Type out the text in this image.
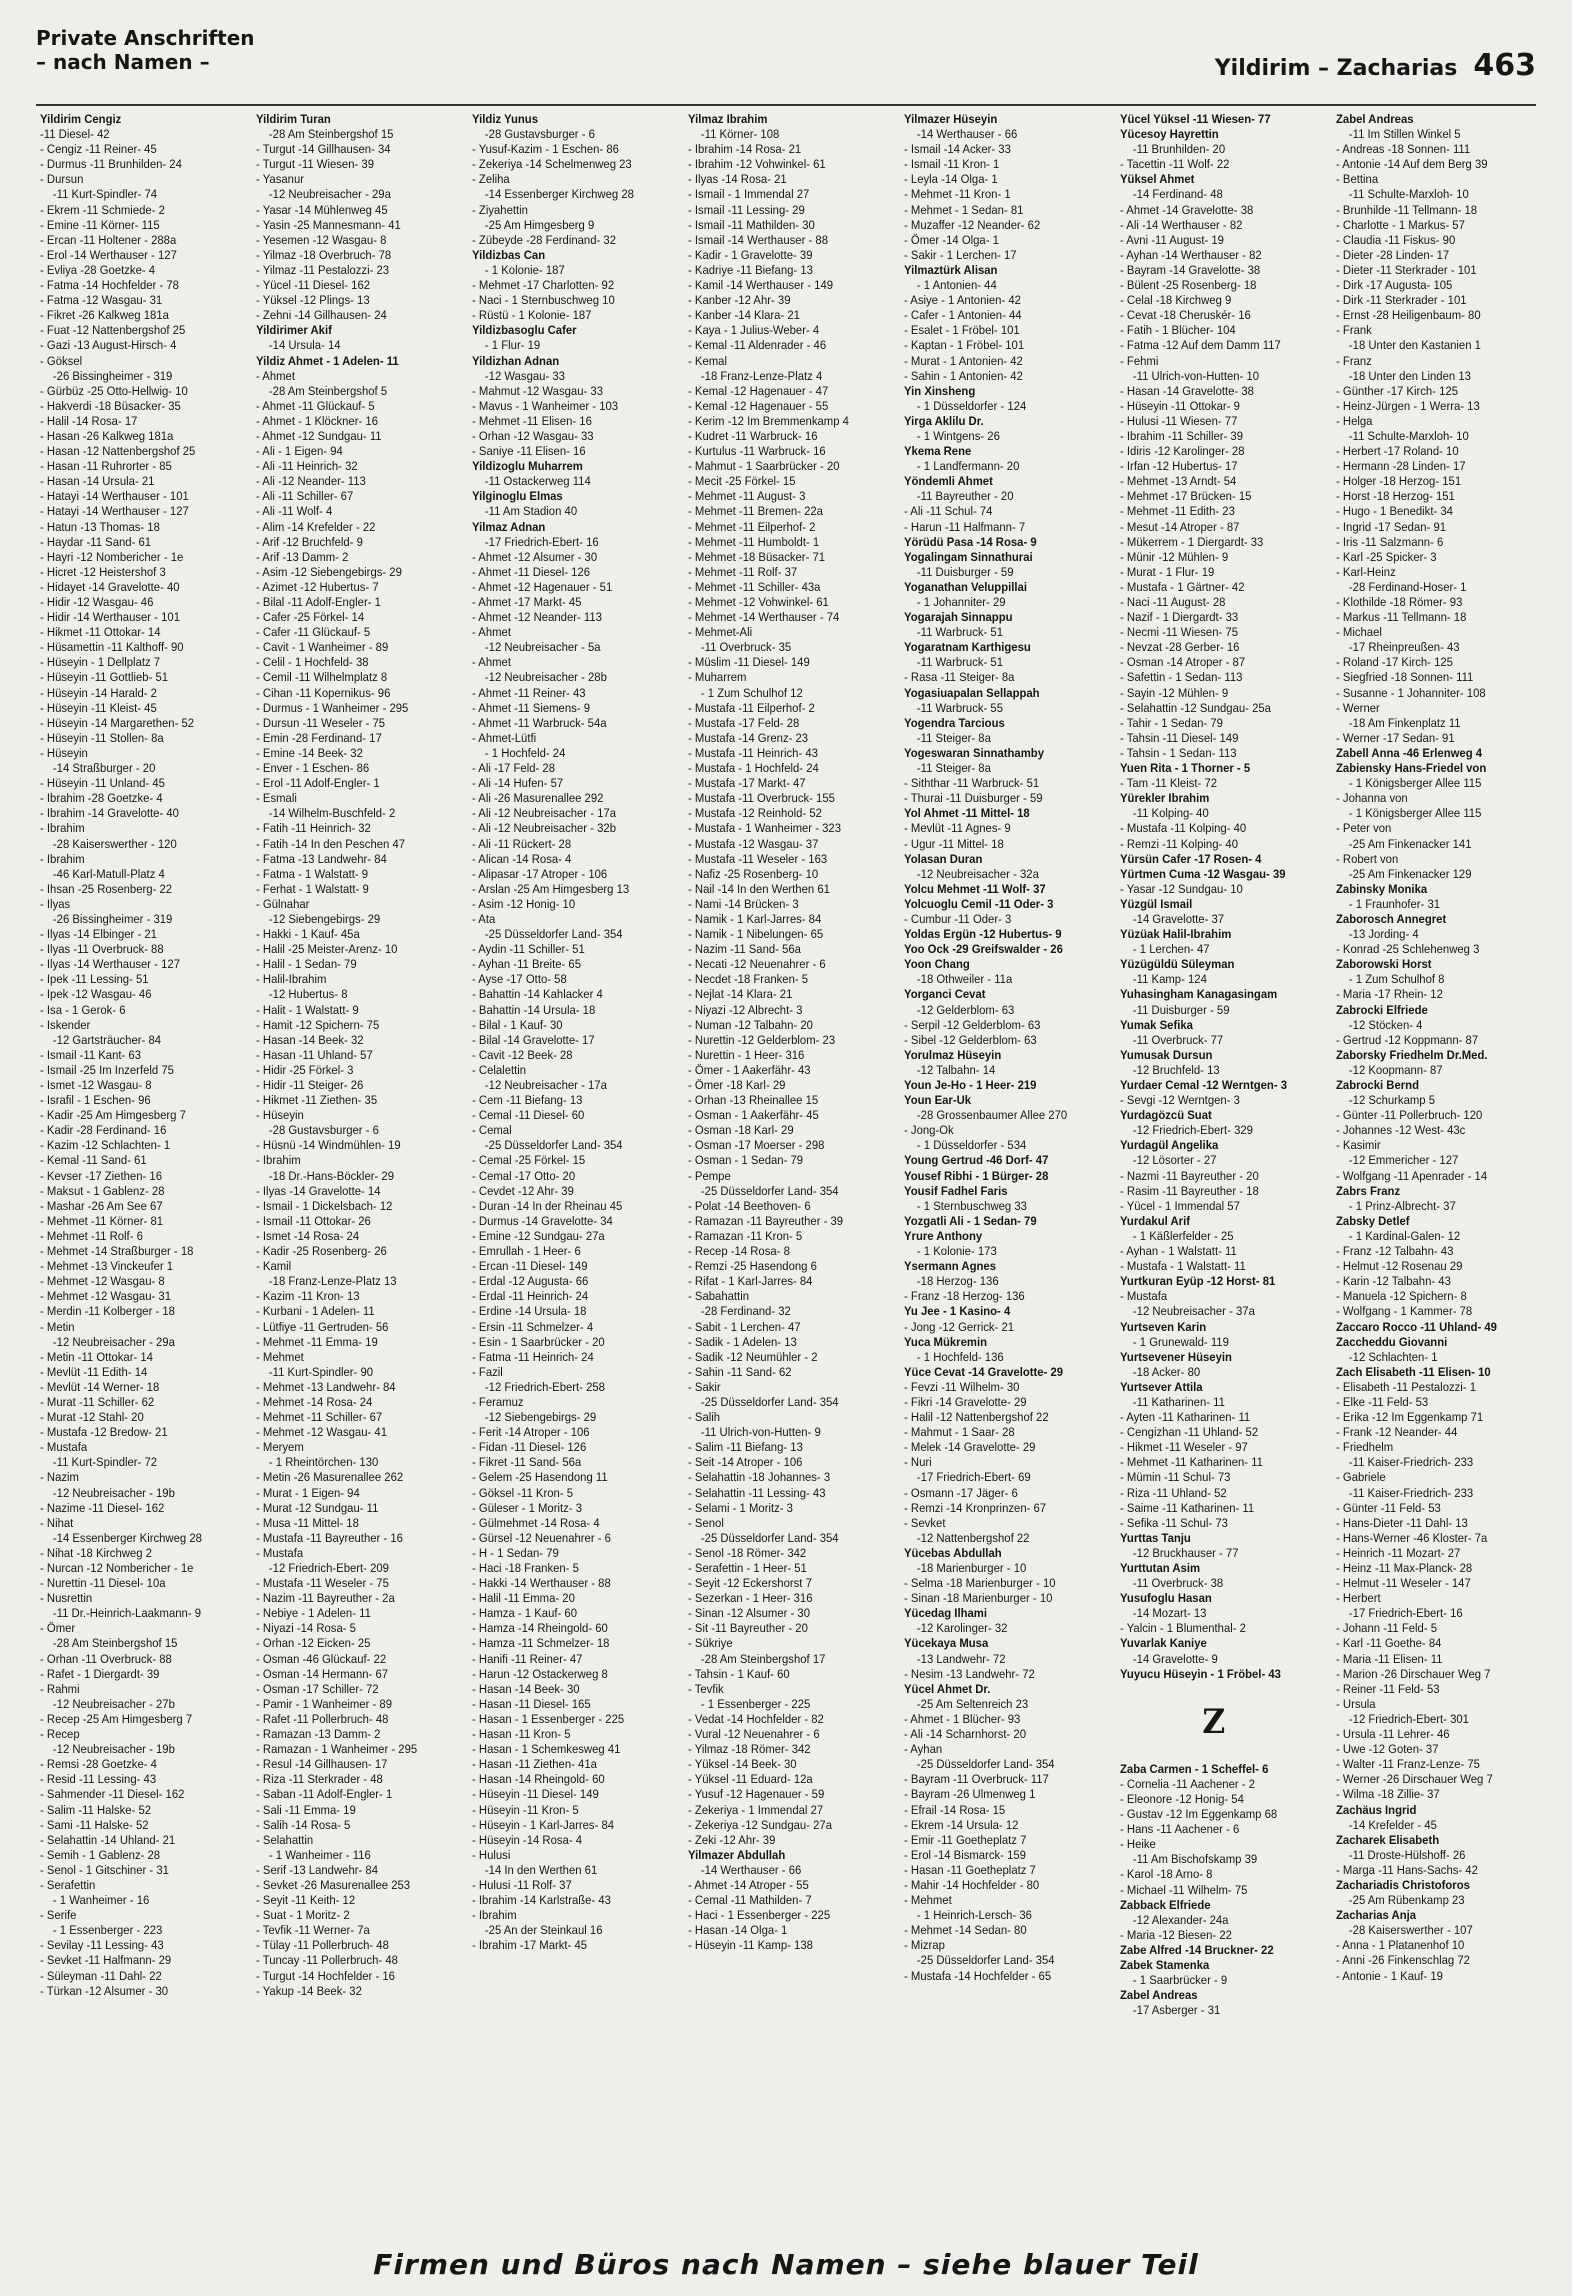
Private Anschriften
– nach Namen –	Yildirim – Zacharias 463
Yildirim Cengiz
-11 Diesel- 42
- Cengiz -11 Reiner- 45
- Durmus -11 Brunhilden- 24
- Dursun
-11 Kurt-Spindler- 74
- Ekrem -11 Schmiede- 2
- Emine -11 Körner- 115
- Ercan -11 Holtener - 288a
- Erol -14 Werthauser - 127
- Evliya -28 Goetzke- 4
- Fatma -14 Hochfelder - 78
- Fatma -12 Wasgau- 31
- Fikret -26 Kalkweg 181a
- Fuat -12 Nattenbergshof 25
- Gazi -13 August-Hirsch- 4
- Göksel
-26 Bissingheimer - 319
- Gürbüz -25 Otto-Hellwig- 10
- Hakverdi -18 Büsacker- 35
- Halil -14 Rosa- 17
- Hasan -26 Kalkweg 181a
- Hasan -12 Nattenbergshof 25
- Hasan -11 Ruhrorter - 85
- Hasan -14 Ursula- 21
- Hatayi -14 Werthauser - 101
- Hatayi -14 Werthauser - 127
- Hatun -13 Thomas- 18
- Haydar -11 Sand- 61
- Hayri -12 Nombericher - 1e
- Hicret -12 Heistershof 3
- Hidayet -14 Gravelotte- 40
- Hidir -12 Wasgau- 46
- Hidir -14 Werthauser - 101
- Hikmet -11 Ottokar- 14
- Hüsamettin -11 Kalthoff- 90
- Hüseyin - 1 Dellplatz 7
- Hüseyin -11 Gottlieb- 51
- Hüseyin -14 Harald- 2
- Hüseyin -11 Kleist- 45
- Hüseyin -14 Margarethen- 52
- Hüseyin -11 Stollen- 8a
- Hüseyin
-14 Straßburger - 20
- Hüseyin -11 Unland- 45
- Ibrahim -28 Goetzke- 4
- Ibrahim -14 Gravelotte- 40
- Ibrahim
-28 Kaiserswerther - 120
- Ibrahim
-46 Karl-Matull-Platz 4
- Ihsan -25 Rosenberg- 22
- Ilyas
-26 Bissingheimer - 319
- Ilyas -14 Elbinger - 21
- Ilyas -11 Overbruck- 88
- Ilyas -14 Werthauser - 127
- Ipek -11 Lessing- 51
- Ipek -12 Wasgau- 46
- Isa - 1 Gerok- 6
- Iskender
-12 Gartsträucher- 84
- Ismail -11 Kant- 63
- Ismail -25 Im Inzerfeld 75
- Ismet -12 Wasgau- 8
- Israfil - 1 Eschen- 96
- Kadir -25 Am Himgesberg 7
- Kadir -28 Ferdinand- 16
- Kazim -12 Schlachten- 1
- Kemal -11 Sand- 61
- Kevser -17 Ziethen- 16
- Maksut - 1 Gablenz- 28
- Mashar -26 Am See 67
- Mehmet -11 Körner- 81
- Mehmet -11 Rolf- 6
- Mehmet -14 Straßburger - 18
- Mehmet -13 Vinckeufer 1
- Mehmet -12 Wasgau- 8
- Mehmet -12 Wasgau- 31
- Merdin -11 Kolberger - 18
- Metin
-12 Neubreisacher - 29a
- Metin -11 Ottokar- 14
- Mevlüt -11 Edith- 14
- Mevlüt -14 Werner- 18
- Murat -11 Schiller- 62
- Murat -12 Stahl- 20
- Mustafa -12 Bredow- 21
- Mustafa
-11 Kurt-Spindler- 72
- Nazim
-12 Neubreisacher - 19b
- Nazime -11 Diesel- 162
- Nihat
-14 Essenberger Kirchweg 28
- Nihat -18 Kirchweg 2
- Nurcan -12 Nombericher - 1e
- Nurettin -11 Diesel- 10a
- Nusrettin
-11 Dr.-Heinrich-Laakmann- 9
- Ömer
-28 Am Steinbergshof 15
- Orhan -11 Overbruck- 88
- Rafet - 1 Diergardt- 39
- Rahmi
-12 Neubreisacher - 27b
- Recep -25 Am Himgesberg 7
- Recep
-12 Neubreisacher - 19b
- Remsi -28 Goetzke- 4
- Resid -11 Lessing- 43
- Sahmender -11 Diesel- 162
- Salim -11 Halske- 52
- Sami -11 Halske- 52
- Selahattin -14 Uhland- 21
- Semih - 1 Gablenz- 28
- Senol - 1 Gitschiner - 31
- Serafettin
- 1 Wanheimer - 16
- Serife
- 1 Essenberger - 223
- Sevilay -11 Lessing- 43
- Sevket -11 Halfmann- 29
- Süleyman -11 Dahl- 22
- Türkan -12 Alsumer - 30
Yildirim Turan
-28 Am Steinbergshof 15
- Turgut -14 Gillhausen- 34
- Turgut -11 Wiesen- 39
- Yasanur
-12 Neubreisacher - 29a
- Yasar -14 Mühlenweg 45
- Yasin -25 Mannesmann- 41
- Yesemen -12 Wasgau- 8
- Yilmaz -18 Overbruch- 78
- Yilmaz -11 Pestalozzi- 23
- Yücel -11 Diesel- 162
- Yüksel -12 Plings- 13
- Zehni -14 Gillhausen- 24
Yildirimer Akif
-14 Ursula- 14
Yildiz Ahmet - 1 Adelen- 11
- Ahmet
-28 Am Steinbergshof 5
- Ahmet -11 Glückauf- 5
- Ahmet - 1 Klöckner- 16
- Ahmet -12 Sundgau- 11
- Ali - 1 Eigen- 94
- Ali -11 Heinrich- 32
- Ali -12 Neander- 113
- Ali -11 Schiller- 67
- Ali -11 Wolf- 4
- Alim -14 Krefelder - 22
- Arif -12 Bruchfeld- 9
- Arif -13 Damm- 2
- Asim -12 Siebengebirgs- 29
- Azimet -12 Hubertus- 7
- Bilal -11 Adolf-Engler- 1
- Cafer -25 Förkel- 14
- Cafer -11 Glückauf- 5
- Cavit - 1 Wanheimer - 89
- Celil - 1 Hochfeld- 38
- Cemil -11 Wilhelmplatz 8
- Cihan -11 Kopernikus- 96
- Durmus - 1 Wanheimer - 295
- Dursun -11 Weseler - 75
- Emin -28 Ferdinand- 17
- Emine -14 Beek- 32
- Enver - 1 Eschen- 86
- Erol -11 Adolf-Engler- 1
- Esmali
-14 Wilhelm-Buschfeld- 2
- Fatih -11 Heinrich- 32
- Fatih -14 In den Peschen 47
- Fatma -13 Landwehr- 84
- Fatma - 1 Walstatt- 9
- Ferhat - 1 Walstatt- 9
- Gülnahar
-12 Siebengebirgs- 29
- Hakki - 1 Kauf- 45a
- Halil -25 Meister-Arenz- 10
- Halil - 1 Sedan- 79
- Halil-Ibrahim
-12 Hubertus- 8
- Halit - 1 Walstatt- 9
- Hamit -12 Spichern- 75
- Hasan -14 Beek- 32
- Hasan -11 Uhland- 57
- Hidir -25 Förkel- 3
- Hidir -11 Steiger- 26
- Hikmet -11 Ziethen- 35
- Hüseyin
-28 Gustavsburger - 6
- Hüsnü -14 Windmühlen- 19
- Ibrahim
-18 Dr.-Hans-Böckler- 29
- Ilyas -14 Gravelotte- 14
- Ismail - 1 Dickelsbach- 12
- Ismail -11 Ottokar- 26
- Ismet -14 Rosa- 24
- Kadir -25 Rosenberg- 26
- Kamil
-18 Franz-Lenze-Platz 13
- Kazim -11 Kron- 13
- Kurbani - 1 Adelen- 11
- Lütfiye -11 Gertruden- 56
- Mehmet -11 Emma- 19
- Mehmet
-11 Kurt-Spindler- 90
- Mehmet -13 Landwehr- 84
- Mehmet -14 Rosa- 24
- Mehmet -11 Schiller- 67
- Mehmet -12 Wasgau- 41
- Meryem
- 1 Rheintörchen- 130
- Metin -26 Masurenallee 262
- Murat - 1 Eigen- 94
- Murat -12 Sundgau- 11
- Musa -11 Mittel- 18
- Mustafa -11 Bayreuther - 16
- Mustafa
-12 Friedrich-Ebert- 209
- Mustafa -11 Weseler - 75
- Nazim -11 Bayreuther - 2a
- Nebiye - 1 Adelen- 11
- Niyazi -14 Rosa- 5
- Orhan -12 Eicken- 25
- Osman -46 Glückauf- 22
- Osman -14 Hermann- 67
- Osman -17 Schiller- 72
- Pamir - 1 Wanheimer - 89
- Rafet -11 Pollerbruch- 48
- Ramazan -13 Damm- 2
- Ramazan - 1 Wanheimer - 295
- Resul -14 Gillhausen- 17
- Riza -11 Sterkrader - 48
- Saban -11 Adolf-Engler- 1
- Sali -11 Emma- 19
- Salih -14 Rosa- 5
- Selahattin
- 1 Wanheimer - 116
- Serif -13 Landwehr- 84
- Sevket -26 Masurenallee 253
- Seyit -11 Keith- 12
- Suat - 1 Moritz- 2
- Tevfik -11 Werner- 7a
- Tülay -11 Pollerbruch- 48
- Tuncay -11 Pollerbruch- 48
- Turgut -14 Hochfelder - 16
- Yakup -14 Beek- 32
Yildiz Yunus
-28 Gustavsburger - 6
- Yusuf-Kazim - 1 Eschen- 86
- Zekeriya -14 Schelmenweg 23
- Zeliha
-14 Essenberger Kirchweg 28
- Ziyahettin
-25 Am Himgesberg 9
- Zübeyde -28 Ferdinand- 32
Yildizbas Can
- 1 Kolonie- 187
- Mehmet -17 Charlotten- 92
- Naci - 1 Sternbuschweg 10
- Rüstü - 1 Kolonie- 187
Yildizbasoglu Cafer
- 1 Flur- 19
Yildizhan Adnan
-12 Wasgau- 33
- Mahmut -12 Wasgau- 33
- Mavus - 1 Wanheimer - 103
- Mehmet -11 Elisen- 16
- Orhan -12 Wasgau- 33
- Saniye -11 Elisen- 16
Yildizoglu Muharrem
-11 Ostackerweg 114
Yilginoglu Elmas
-11 Am Stadion 40
Yilmaz Adnan
-17 Friedrich-Ebert- 16
- Ahmet -12 Alsumer - 30
- Ahmet -11 Diesel- 126
- Ahmet -12 Hagenauer - 51
- Ahmet -17 Markt- 45
- Ahmet -12 Neander- 113
- Ahmet
-12 Neubreisacher - 5a
- Ahmet
-12 Neubreisacher - 28b
- Ahmet -11 Reiner- 43
- Ahmet -11 Siemens- 9
- Ahmet -11 Warbruck- 54a
- Ahmet-Lütfi
- 1 Hochfeld- 24
- Ali -17 Feld- 28
- Ali -14 Hufen- 57
- Ali -26 Masurenallee 292
- Ali -12 Neubreisacher - 17a
- Ali -12 Neubreisacher - 32b
- Ali -11 Rückert- 28
- Alican -14 Rosa- 4
- Alipasar -17 Atroper - 106
- Arslan -25 Am Himgesberg 13
- Asim -12 Honig- 10
- Ata
-25 Düsseldorfer Land- 354
- Aydin -11 Schiller- 51
- Ayhan -11 Breite- 65
- Ayse -17 Otto- 58
- Bahattin -14 Kahlacker 4
- Bahattin -14 Ursula- 18
- Bilal - 1 Kauf- 30
- Bilal -14 Gravelotte- 17
- Cavit -12 Beek- 28
- Celalettin
-12 Neubreisacher - 17a
- Cem -11 Biefang- 13
- Cemal -11 Diesel- 60
- Cemal
-25 Düsseldorfer Land- 354
- Cemal -25 Förkel- 15
- Cemal -17 Otto- 20
- Cevdet -12 Ahr- 39
- Duran -14 In der Rheinau 45
- Durmus -14 Gravelotte- 34
- Emine -12 Sundgau- 27a
- Emrullah - 1 Heer- 6
- Ercan -11 Diesel- 149
- Erdal -12 Augusta- 66
- Erdal -11 Heinrich- 24
- Erdine -14 Ursula- 18
- Ersin -11 Schmelzer- 4
- Esin - 1 Saarbrücker - 20
- Fatma -11 Heinrich- 24
- Fazil
-12 Friedrich-Ebert- 258
- Feramuz
-12 Siebengebirgs- 29
- Ferit -14 Atroper - 106
- Fidan -11 Diesel- 126
- Fikret -11 Sand- 56a
- Gelem -25 Hasendong 11
- Göksel -11 Kron- 5
- Güleser - 1 Moritz- 3
- Gülmehmet -14 Rosa- 4
- Gürsel -12 Neuenahrer - 6
- H - 1 Sedan- 79
- Haci -18 Franken- 5
- Hakki -14 Werthauser - 88
- Halil -11 Emma- 20
- Hamza - 1 Kauf- 60
- Hamza -14 Rheingold- 60
- Hamza -11 Schmelzer- 18
- Hanifi -11 Reiner- 47
- Harun -12 Ostackerweg 8
- Hasan -14 Beek- 30
- Hasan -11 Diesel- 165
- Hasan - 1 Essenberger - 225
- Hasan -11 Kron- 5
- Hasan - 1 Schemkesweg 41
- Hasan -11 Ziethen- 41a
- Hasan -14 Rheingold- 60
- Hüseyin -11 Diesel- 149
- Hüseyin -11 Kron- 5
- Hüseyin - 1 Karl-Jarres- 84
- Hüseyin -14 Rosa- 4
- Hulusi
-14 In den Werthen 61
- Hulusi -11 Rolf- 37
- Ibrahim -14 Karlstraße- 43
- Ibrahim
-25 An der Steinkaul 16
- Ibrahim -17 Markt- 45
Yilmaz Ibrahim
-11 Körner- 108
- Ibrahim -14 Rosa- 21
- Ibrahim -12 Vohwinkel- 61
- Ilyas -14 Rosa- 21
- Ismail - 1 Immendal 27
- Ismail -11 Lessing- 29
- Ismail -11 Mathilden- 30
- Ismail -14 Werthauser - 88
- Kadir - 1 Gravelotte- 39
- Kadriye -11 Biefang- 13
- Kamil -14 Werthauser - 149
- Kanber -12 Ahr- 39
- Kanber -14 Klara- 21
- Kaya - 1 Julius-Weber- 4
- Kemal -11 Aldenrader - 46
- Kemal
-18 Franz-Lenze-Platz 4
- Kemal -12 Hagenauer - 47
- Kemal -12 Hagenauer - 55
- Kerim -12 Im Bremmenkamp 4
- Kudret -11 Warbruck- 16
- Kurtulus -11 Warbruck- 16
- Mahmut - 1 Saarbrücker - 20
- Mecit -25 Förkel- 15
- Mehmet -11 August- 3
- Mehmet -11 Bremen- 22a
- Mehmet -11 Eilperhof- 2
- Mehmet -11 Humboldt- 1
- Mehmet -18 Büsacker- 71
- Mehmet -11 Rolf- 37
- Mehmet -11 Schiller- 43a
- Mehmet -12 Vohwinkel- 61
- Mehmet -14 Werthauser - 74
- Mehmet-Ali
-11 Overbruck- 35
- Müslim -11 Diesel- 149
- Muharrem
- 1 Zum Schulhof 12
- Mustafa -11 Eilperhof- 2
- Mustafa -17 Feld- 28
- Mustafa -14 Grenz- 23
- Mustafa -11 Heinrich- 43
- Mustafa - 1 Hochfeld- 24
- Mustafa -17 Markt- 47
- Mustafa -11 Overbruck- 155
- Mustafa -12 Reinhold- 52
- Mustafa - 1 Wanheimer - 323
- Mustafa -12 Wasgau- 37
- Mustafa -11 Weseler - 163
- Nafiz -25 Rosenberg- 10
- Nail -14 In den Werthen 61
- Nami -14 Brücken- 3
- Namik - 1 Karl-Jarres- 84
- Namik - 1 Nibelungen- 65
- Nazim -11 Sand- 56a
- Necati -12 Neuenahrer - 6
- Necdet -18 Franken- 5
- Nejlat -14 Klara- 21
- Niyazi -12 Albrecht- 3
- Numan -12 Talbahn- 20
- Nurettin -12 Gelderblom- 23
- Nurettin - 1 Heer- 316
- Ömer - 1 Aakerfähr- 43
- Ömer -18 Karl- 29
- Orhan -13 Rheinallee 15
- Osman - 1 Aakerfähr- 45
- Osman -18 Karl- 29
- Osman -17 Moerser - 298
- Osman - 1 Sedan- 79
- Pempe
-25 Düsseldorfer Land- 354
- Polat -14 Beethoven- 6
- Ramazan -11 Bayreuther - 39
- Ramazan -11 Kron- 5
- Recep -14 Rosa- 8
- Remzi -25 Hasendong 6
- Rifat - 1 Karl-Jarres- 84
- Sabahattin
-28 Ferdinand- 32
- Sabit - 1 Lerchen- 47
- Sadik - 1 Adelen- 13
- Sadik -12 Neumühler - 2
- Sahin -11 Sand- 62
- Sakir
-25 Düsseldorfer Land- 354
- Salih
-11 Ulrich-von-Hutten- 9
- Salim -11 Biefang- 13
- Seit -14 Atroper - 106
- Selahattin -18 Johannes- 3
- Selahattin -11 Lessing- 43
- Selami - 1 Moritz- 3
- Senol
-25 Düsseldorfer Land- 354
- Senol -18 Römer- 342
- Serafettin - 1 Heer- 51
- Seyit -12 Eckershorst 7
- Sezerkan - 1 Heer- 316
- Sinan -12 Alsumer - 30
- Sit -11 Bayreuther - 20
- Sükriye
-28 Am Steinbergshof 17
- Tahsin - 1 Kauf- 60
- Tevfik
- 1 Essenberger - 225
- Vedat -14 Hochfelder - 82
- Vural -12 Neuenahrer - 6
- Yilmaz -18 Römer- 342
- Yüksel -14 Beek- 30
- Yüksel -11 Eduard- 12a
- Yusuf -12 Hagenauer - 59
- Zekeriya - 1 Immendal 27
- Zekeriya -12 Sundgau- 27a
- Zeki -12 Ahr- 39
Yilmazer Abdullah
-14 Werthauser - 66
- Ahmet -14 Atroper - 55
- Cemal -11 Mathilden- 7
- Haci - 1 Essenberger - 225
- Hasan -14 Olga- 1
- Hüseyin -11 Kamp- 138
Yilmazer Hüseyin
-14 Werthauser - 66
- Ismail -14 Acker- 33
- Ismail -11 Kron- 1
- Leyla -14 Olga- 1
- Mehmet -11 Kron- 1
- Mehmet - 1 Sedan- 81
- Muzaffer -12 Neander- 62
- Ömer -14 Olga- 1
- Sakir - 1 Lerchen- 17
Yilmaztürk Alisan
- 1 Antonien- 44
- Asiye - 1 Antonien- 42
- Cafer - 1 Antonien- 44
- Esalet - 1 Fröbel- 101
- Kaptan - 1 Fröbel- 101
- Murat - 1 Antonien- 42
- Sahin - 1 Antonien- 42
Yin Xinsheng
- 1 Düsseldorfer - 124
Yirga Aklilu Dr.
- 1 Wintgens- 26
Ykema Rene
- 1 Landfermann- 20
Yöndemli Ahmet
-11 Bayreuther - 20
- Ali -11 Schul- 74
- Harun -11 Halfmann- 7
Yörüdü Pasa -14 Rosa- 9
Yogalingam Sinnathurai
-11 Duisburger - 59
Yoganathan Veluppillai
- 1 Johanniter- 29
Yogarajah Sinnappu
-11 Warbruck- 51
Yogaratnam Karthigesu
-11 Warbruck- 51
- Rasa -11 Steiger- 8a
Yogasiuapalan Sellappah
-11 Warbruck- 55
Yogendra Tarcious
-11 Steiger- 8a
Yogeswaran Sinnathamby
-11 Steiger- 8a
- Siththar -11 Warbruck- 51
- Thurai -11 Duisburger - 59
Yol Ahmet -11 Mittel- 18
- Mevlüt -11 Agnes- 9
- Ugur -11 Mittel- 18
Yolasan Duran
-12 Neubreisacher - 32a
Yolcu Mehmet -11 Wolf- 37
Yolcuoglu Cemil -11 Oder- 3
- Cumbur -11 Oder- 3
Yoldas Ergün -12 Hubertus- 9
Yoo Ock -29 Greifswalder - 26
Yoon Chang
-18 Othweiler - 11a
Yorganci Cevat
-12 Gelderblom- 63
- Serpil -12 Gelderblom- 63
- Sibel -12 Gelderblom- 63
Yorulmaz Hüseyin
-12 Talbahn- 14
Youn Je-Ho - 1 Heer- 219
Youn Ear-Uk
-28 Grossenbaumer Allee 270
- Jong-Ok
- 1 Düsseldorfer - 534
Young Gertrud -46 Dorf- 47
Yousef Ribhi - 1 Bürger- 28
Yousif Fadhel Faris
- 1 Sternbuschweg 33
Yozgatli Ali - 1 Sedan- 79
Yrure Anthony
- 1 Kolonie- 173
Ysermann Agnes
-18 Herzog- 136
- Franz -18 Herzog- 136
Yu Jee - 1 Kasino- 4
- Jong -12 Gerrick- 21
Yuca Mükremin
- 1 Hochfeld- 136
Yüce Cevat -14 Gravelotte- 29
- Fevzi -11 Wilhelm- 30
- Fikri -14 Gravelotte- 29
- Halil -12 Nattenbergshof 22
- Mahmut - 1 Saar- 28
- Melek -14 Gravelotte- 29
- Nuri
-17 Friedrich-Ebert- 69
- Osmann -17 Jäger- 6
- Remzi -14 Kronprinzen- 67
- Sevket
-12 Nattenbergshof 22
Yücebas Abdullah
-18 Marienburger - 10
- Selma -18 Marienburger - 10
- Sinan -18 Marienburger - 10
Yücedag Ilhami
-12 Karolinger- 32
Yücekaya Musa
-13 Landwehr- 72
- Nesim -13 Landwehr- 72
Yücel Ahmet Dr.
-25 Am Seltenreich 23
- Ahmet - 1 Blücher- 93
- Ali -14 Scharnhorst- 20
- Ayhan
-25 Düsseldorfer Land- 354
- Bayram -11 Overbruck- 117
- Bayram -26 Ulmenweg 1
- Efrail -14 Rosa- 15
- Ekrem -14 Ursula- 12
- Emir -11 Goetheplatz 7
- Erol -14 Bismarck- 159
- Hasan -11 Goetheplatz 7
- Mahir -14 Hochfelder - 80
- Mehmet
- 1 Heinrich-Lersch- 36
- Mehmet -14 Sedan- 80
- Mizrap
-25 Düsseldorfer Land- 354
- Mustafa -14 Hochfelder - 65
Yücel Yüksel -11 Wiesen- 77
Yücesoy Hayrettin
-11 Brunhilden- 20
- Tacettin -11 Wolf- 22
Yüksel Ahmet
-14 Ferdinand- 48
- Ahmet -14 Gravelotte- 38
- Ali -14 Werthauser - 82
- Avni -11 August- 19
- Ayhan -14 Werthauser - 82
- Bayram -14 Gravelotte- 38
- Bülent -25 Rosenberg- 18
- Celal -18 Kirchweg 9
- Cevat -18 Cheruskér- 16
- Fatih - 1 Blücher- 104
- Fatma -12 Auf dem Damm 117
- Fehmi
-11 Ulrich-von-Hutten- 10
- Hasan -14 Gravelotte- 38
- Hüseyin -11 Ottokar- 9
- Hulusi -11 Wiesen- 77
- Ibrahim -11 Schiller- 39
- Idiris -12 Karolinger- 28
- Irfan -12 Hubertus- 17
- Mehmet -13 Arndt- 54
- Mehmet -17 Brücken- 15
- Mehmet -11 Edith- 23
- Mesut -14 Atroper - 87
- Mükerrem - 1 Diergardt- 33
- Münir -12 Mühlen- 9
- Murat - 1 Flur- 19
- Mustafa - 1 Gärtner- 42
- Naci -11 August- 28
- Nazif - 1 Diergardt- 33
- Necmi -11 Wiesen- 75
- Nevzat -28 Gerber- 16
- Osman -14 Atroper - 87
- Safettin - 1 Sedan- 113
- Sayin -12 Mühlen- 9
- Selahattin -12 Sundgau- 25a
- Tahir - 1 Sedan- 79
- Tahsin -11 Diesel- 149
- Tahsin - 1 Sedan- 113
Yuen Rita - 1 Thorner - 5
- Tam -11 Kleist- 72
Yürekler Ibrahim
-11 Kolping- 40
- Mustafa -11 Kolping- 40
- Remzi -11 Kolping- 40
Yürsün Cafer -17 Rosen- 4
Yürtmen Cuma -12 Wasgau- 39
- Yasar -12 Sundgau- 10
Yüzgül Ismail
-14 Gravelotte- 37
Yüzüak Halil-Ibrahim
- 1 Lerchen- 47
Yüzügüldü Süleyman
-11 Kamp- 124
Yuhasingham Kanagasingam
-11 Duisburger - 59
Yumak Sefika
-11 Overbruck- 77
Yumusak Dursun
-12 Bruchfeld- 13
Yurdaer Cemal -12 Werntgen- 3
- Sevgi -12 Werntgen- 3
Yurdagözcü Suat
-12 Friedrich-Ebert- 329
Yurdagül Angelika
-12 Lösorter - 27
- Nazmi -11 Bayreuther - 20
- Rasim -11 Bayreuther - 18
- Yücel - 1 Immendal 57
Yurdakul Arif
- 1 Käßlerfelder - 25
- Ayhan - 1 Walstatt- 11
- Mustafa - 1 Walstatt- 11
Yurtkuran Eyüp -12 Horst- 81
- Mustafa
-12 Neubreisacher - 37a
Yurtseven Karin
- 1 Grunewald- 119
Yurtsevener Hüseyin
-18 Acker- 80
Yurtsever Attila
-11 Katharinen- 11
- Ayten -11 Katharinen- 11
- Cengizhan -11 Uhland- 52
- Hikmet -11 Weseler - 97
- Mehmet -11 Katharinen- 11
- Mümin -11 Schul- 73
- Riza -11 Uhland- 52
- Saime -11 Katharinen- 11
- Sefika -11 Schul- 73
Yurttas Tanju
-12 Bruckhauser - 77
Yurttutan Asim
-11 Overbruck- 38
Yusufoglu Hasan
-14 Mozart- 13
- Yalcin - 1 Blumenthal- 2
Yuvarlak Kaniye
-14 Gravelotte- 9
Yuyucu Hüseyin - 1 Fröbel- 43
Z
Zaba Carmen - 1 Scheffel- 6
- Cornelia -11 Aachener - 2
- Eleonore -12 Honig- 54
- Gustav -12 Im Eggenkamp 68
- Hans -11 Aachener - 6
- Heike
-11 Am Bischofskamp 39
- Karol -18 Arno- 8
- Michael -11 Wilhelm- 75
Zabback Elfriede
-12 Alexander- 24a
- Maria -12 Biesen- 22
Zabe Alfred -14 Bruckner- 22
Zabek Stamenka
- 1 Saarbrücker - 9
Zabel Andreas
-17 Asberger - 31
Zabel Andreas
-11 Im Stillen Winkel 5
- Andreas -18 Sonnen- 111
- Antonie -14 Auf dem Berg 39
- Bettina
-11 Schulte-Marxloh- 10
- Brunhilde -11 Tellmann- 18
- Charlotte - 1 Markus- 57
- Claudia -11 Fiskus- 90
- Dieter -28 Linden- 17
- Dieter -11 Sterkrader - 101
- Dirk -17 Augusta- 105
- Dirk -11 Sterkrader - 101
- Ernst -28 Heiligenbaum- 80
- Frank
-18 Unter den Kastanien 1
- Franz
-18 Unter den Linden 13
- Günther -17 Kirch- 125
- Heinz-Jürgen - 1 Werra- 13
- Helga
-11 Schulte-Marxloh- 10
- Herbert -17 Roland- 10
- Hermann -28 Linden- 17
- Holger -18 Herzog- 151
- Horst -18 Herzog- 151
- Hugo - 1 Benedikt- 34
- Ingrid -17 Sedan- 91
- Iris -11 Salzmann- 6
- Karl -25 Spicker- 3
- Karl-Heinz
-28 Ferdinand-Hoser- 1
- Klothilde -18 Römer- 93
- Markus -11 Tellmann- 18
- Michael
-17 Rheinpreußen- 43
- Roland -17 Kirch- 125
- Siegfried -18 Sonnen- 111
- Susanne - 1 Johanniter- 108
- Werner
-18 Am Finkenplatz 11
- Werner -17 Sedan- 91
Zabell Anna -46 Erlenweg 4
Zabiensky Hans-Friedel von
- 1 Königsberger Allee 115
- Johanna von
- 1 Königsberger Allee 115
- Peter von
-25 Am Finkenacker 141
- Robert von
-25 Am Finkenacker 129
Zabinsky Monika
- 1 Fraunhofer- 31
Zaborosch Annegret
-13 Jording- 4
- Konrad -25 Schlehenweg 3
Zaborowski Horst
- 1 Zum Schulhof 8
- Maria -17 Rhein- 12
Zabrocki Elfriede
-12 Stöcken- 4
- Gertrud -12 Koppmann- 87
Zaborsky Friedhelm Dr.Med.
-12 Koopmann- 87
Zabrocki Bernd
-12 Schurkamp 5
- Günter -11 Pollerbruch- 120
- Johannes -12 West- 43c
- Kasimir
-12 Emmericher - 127
- Wolfgang -11 Apenrader - 14
Zabrs Franz
- 1 Prinz-Albrecht- 37
Zabsky Detlef
- 1 Kardinal-Galen- 12
- Franz -12 Talbahn- 43
- Helmut -12 Rosenau 29
- Karin -12 Talbahn- 43
- Manuela -12 Spichern- 8
- Wolfgang - 1 Kammer- 78
Zaccaro Rocco -11 Uhland- 49
Zaccheddu Giovanni
-12 Schlachten- 1
Zach Elisabeth -11 Elisen- 10
- Elisabeth -11 Pestalozzi- 1
- Elke -11 Feld- 53
- Erika -12 Im Eggenkamp 71
- Frank -12 Neander- 44
- Friedhelm
-11 Kaiser-Friedrich- 233
- Gabriele
-11 Kaiser-Friedrich- 233
- Günter -11 Feld- 53
- Hans-Dieter -11 Dahl- 13
- Hans-Werner -46 Kloster- 7a
- Heinrich -11 Mozart- 27
- Heinz -11 Max-Planck- 28
- Helmut -11 Weseler - 147
- Herbert
-17 Friedrich-Ebert- 16
- Johann -11 Feld- 5
- Karl -11 Goethe- 84
- Maria -11 Elisen- 11
- Marion -26 Dirschauer Weg 7
- Reiner -11 Feld- 53
- Ursula
-12 Friedrich-Ebert- 301
- Ursula -11 Lehrer- 46
- Uwe -12 Goten- 37
- Walter -11 Franz-Lenze- 75
- Werner -26 Dirschauer Weg 7
- Wilma -18 Zillie- 37
Zachäus Ingrid
-14 Krefelder - 45
Zacharek Elisabeth
-11 Droste-Hülshoff- 26
- Marga -11 Hans-Sachs- 42
Zachariadis Christoforos
-25 Am Rübenkamp 23
Zacharias Anja
-28 Kaiserswerther - 107
- Anna - 1 Platanenhof 10
- Anni -26 Finkenschlag 72
- Antonie - 1 Kauf- 19
Firmen und Büros nach Namen – siehe blauer Teil
